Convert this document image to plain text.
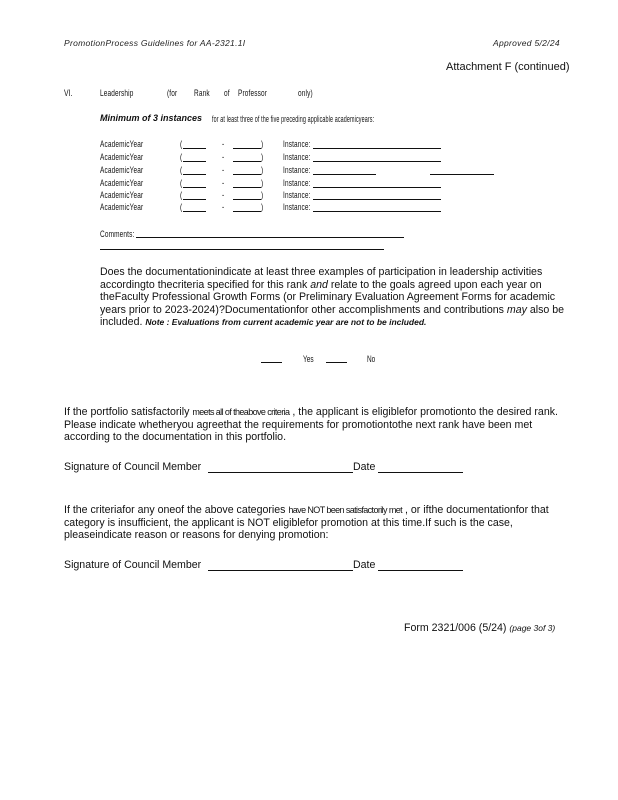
PromotionProcess Guidelines for AA-2321.1I	Approved 5/2/24
Attachment F (continued)
VI.	Leadership	(for Rank of Professor	only)
Minimum of 3 instances for at least three of the five preceding applicable academicyears:
AcademicYear	(	-	) Instance:
AcademicYear	(	-	) Instance:
AcademicYear	(	-	) Instance:
AcademicYear	(	-	) Instance:
AcademicYear	(	-	) Instance:
AcademicYear	(	-	) Instance:
Comments:
Does the documentationindicate at least three examples of participation in leadership activities accordingto thecriteria specified for this rank and relate to the goals agreed upon each year on theFaculty Professional Growth Forms (or Preliminary Evaluation Agreement Forms for academic years prior to 2023-2024)?Documentationfor other accomplishments and contributions may also be included. Note : Evaluations from current academic year are not to be included.
Yes	No
If the portfolio satisfactorily meets all of theabove criteria , the applicant is eligiblefor promotionto the desired rank. Please indicate whetheryou agreethat the requirements for promotiontothe next rank have been met according to the documentation in this portfolio.
Signature of Council Member	Date
If the criteriafor any oneof the above categories have NOT been satisfactorily met , or ifthe documentationfor that category is insufficient, the applicant is NOT eligiblefor promotion at this time.If such is the case, pleaseindicate reason or reasons for denying promotion:
Signature of Council Member	Date
Form 2321/006 (5/24) (page 3of 3)
